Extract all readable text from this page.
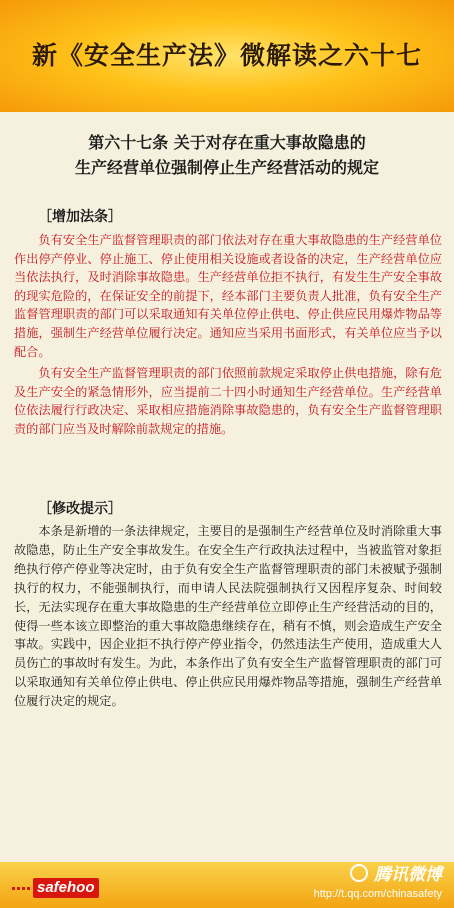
新《安全生产法》微解读之六十七
第六十七条 关于对存在重大事故隐患的
生产经营单位强制停止生产经营活动的规定
［增加法条］

负有安全生产监督管理职责的部门依法对存在重大事故隐患的生产经营单位作出停产停业、停止施工、停止使用相关设施或者设备的决定，生产经营单位应当依法执行，及时消除事故隐患。生产经营单位拒不执行，有发生生产安全事故的现实危险的，在保证安全的前提下，经本部门主要负责人批准，负有安全生产监督管理职责的部门可以采取通知有关单位停止供电、停止供应民用爆炸物品等措施，强制生产经营单位履行决定。通知应当采用书面形式，有关单位应当予以配合。

负有安全生产监督管理职责的部门依照前款规定采取停止供电措施，除有危及生产安全的紧急情形外，应当提前二十四小时通知生产经营单位。生产经营单位依法履行行政决定、采取相应措施消除事故隐患的，负有安全生产监督管理职责的部门应当及时解除前款规定的措施。

［修改提示］

本条是新增的一条法律规定，主要目的是强制生产经营单位及时消除重大事故隐患，防止生产安全事故发生。在安全生产行政执法过程中，当被监管对象拒绝执行停产停业等决定时，由于负有安全生产监督管理职责的部门未被赋予强制执行的权力，不能强制执行，而申请人民法院强制执行又因程序复杂、时间较长，无法实现存在重大事故隐患的生产经营单位立即停止生产经营活动的目的，使得一些本该立即整治的重大事故隐患继续存在，稍有不慎，则会造成生产安全事故。实践中，因企业拒不执行停产停业指令，仍然违法生产使用，造成重大人员伤亡的事故时有发生。为此，本条作出了负有安全生产监督管理职责的部门可以采取通知有关单位停止供电、停止供应民用爆炸物品等措施，强制生产经营单位履行决定的规定。

safehoo
腾讯微博
http://t.qq.com/chinasafety
